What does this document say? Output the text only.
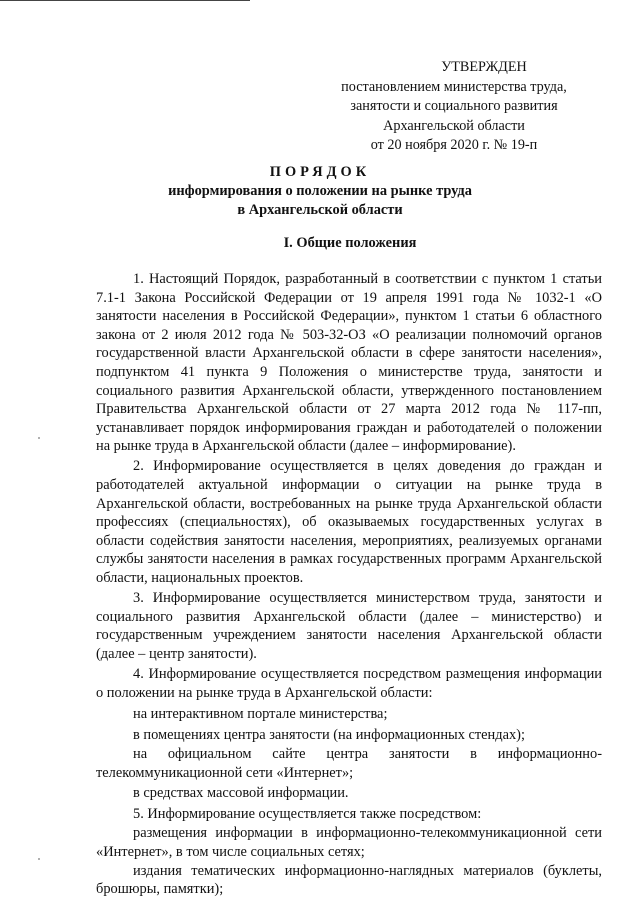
УТВЕРЖДЕН
постановлением министерства труда,
занятости и социального развития
Архангельской области
от 20 ноября 2020 г. № 19-п
ПОРЯДОК
информирования о положении на рынке труда
в Архангельской области
I. Общие положения

1. Настоящий Порядок, разработанный в соответствии с пунктом 1 статьи 7.1-1 Закона Российской Федерации от 19 апреля 1991 года № 1032-1 «О занятости населения в Российской Федерации», пунктом 1 статьи 6 областного закона от 2 июля 2012 года № 503-32-ОЗ «О реализации полномочий органов государственной власти Архангельской области в сфере занятости населения», подпунктом 41 пункта 9 Положения о министерстве труда, занятости и социального развития Архангельской области, утвержденного постановлением Правительства Архангельской области от 27 марта 2012 года № 117-пп, устанавливает порядок информирования граждан и работодателей о положении на рынке труда в Архангельской области (далее – информирование).

2. Информирование осуществляется в целях доведения до граждан и работодателей актуальной информации о ситуации на рынке труда в Архангельской области, востребованных на рынке труда Архангельской области профессиях (специальностях), об оказываемых государственных услугах в области содействия занятости населения, мероприятиях, реализуемых органами службы занятости населения в рамках государственных программ Архангельской области, национальных проектов.

3. Информирование осуществляется министерством труда, занятости и социального развития Архангельской области (далее – министерство) и государственным учреждением занятости населения Архангельской области (далее – центр занятости).

4. Информирование осуществляется посредством размещения информации о положении на рынке труда в Архангельской области:

на интерактивном портале министерства;

в помещениях центра занятости (на информационных стендах);

на официальном сайте центра занятости в информационно-телекоммуникационной сети «Интернет»;

в средствах массовой информации.

5. Информирование осуществляется также посредством:

размещения информации в информационно-телекоммуникационной сети «Интернет», в том числе социальных сетях;

издания тематических информационно-наглядных материалов (буклеты, брошюры, памятки);
